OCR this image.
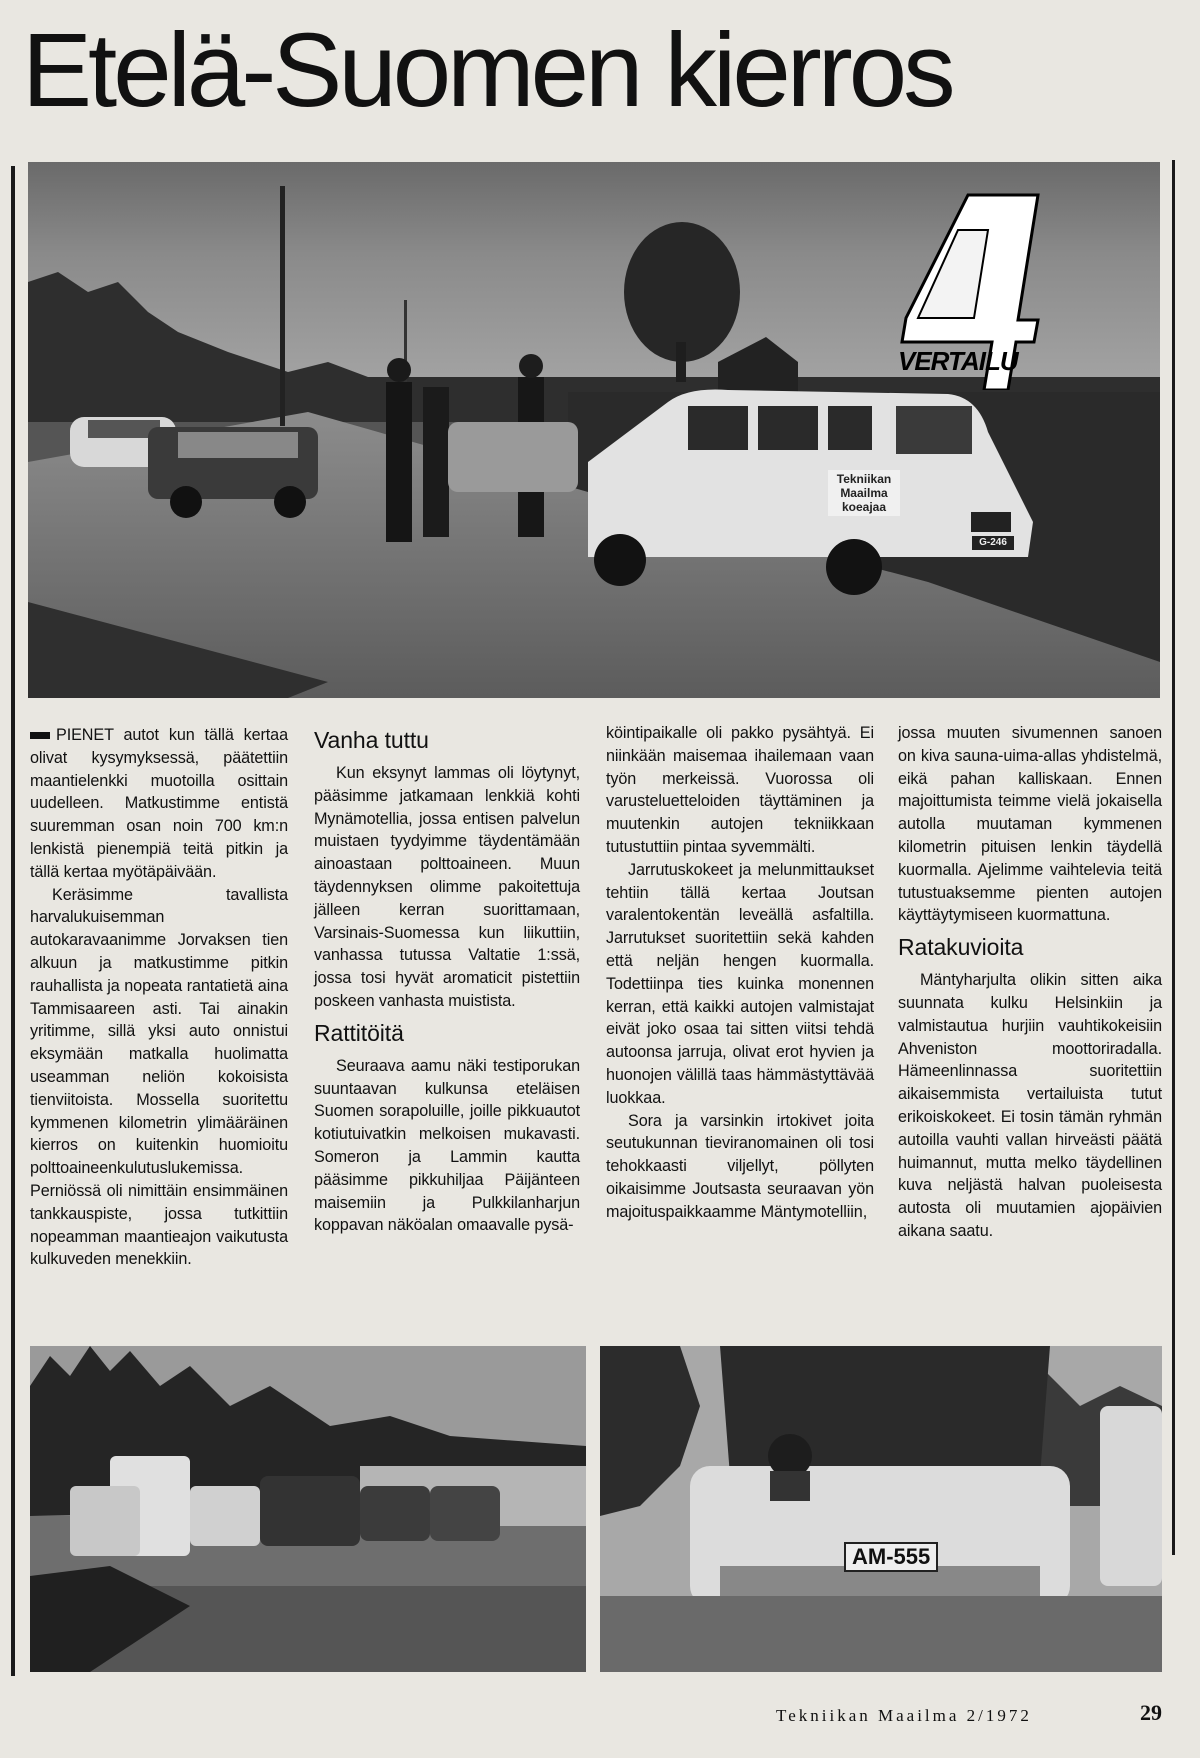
Etelä-Suomen kierros
Tekniikan Maailma koeajaa
G-246
VERTAILU

PIENET autot kun tällä kertaa olivat kysymyksessä, päätettiin maantielenkki muotoilla osittain uudelleen. Matkustimme entistä suuremman osan noin 700 km:n lenkistä pienempiä teitä pitkin ja tällä kertaa myötäpäivään.

Keräsimme tavallista harvalukuisemman autokaravaanimme Jorvaksen tien alkuun ja matkustimme pitkin rauhallista ja nopeata rantatietä aina Tammisaareen asti. Tai ainakin yritimme, sillä yksi auto onnistui eksymään matkalla huolimatta useamman neliön kokoisista tienviitoista. Mossella suoritettu kymmenen kilometrin ylimääräinen kierros on kuitenkin huomioitu polttoaineenkulutuslukemissa. Perniössä oli nimittäin ensimmäinen tankkauspiste, jossa tutkittiin nopeamman maantieajon vaikutusta kulkuveden menekkiin.

Vanha tuttu

Kun eksynyt lammas oli löytynyt, pääsimme jatkamaan lenkkiä kohti Mynämotellia, jossa entisen palvelun muistaen tyydyimme täydentämään ainoastaan polttoaineen. Muun täydennyksen olimme pakoitettuja jälleen kerran suorittamaan, Varsinais-Suomessa kun liikuttiin, vanhassa tutussa Valtatie 1:ssä, jossa tosi hyvät aromaticit pistettiin poskeen vanhasta muistista.

Rattitöitä

Seuraava aamu näki testiporukan suuntaavan kulkunsa eteläisen Suomen sorapoluille, joille pikkuautot kotiutuivatkin melkoisen mukavasti. Someron ja Lammin kautta pääsimme pikkuhiljaa Päijänteen maisemiin ja Pulkkilanharjun koppavan näköalan omaavalle pysä-

köintipaikalle oli pakko pysähtyä. Ei niinkään maisemaa ihailemaan vaan työn merkeissä. Vuorossa oli varusteluetteloiden täyttäminen ja muutenkin autojen tekniikkaan tutustuttiin pintaa syvemmälti.

Jarrutuskokeet ja melunmittaukset tehtiin tällä kertaa Joutsan varalentokentän leveällä asfaltilla. Jarrutukset suoritettiin sekä kahden että neljän hengen kuormalla. Todettiinpa ties kuinka monennen kerran, että kaikki autojen valmistajat eivät joko osaa tai sitten viitsi tehdä autoonsa jarruja, olivat erot hyvien ja huonojen välillä taas hämmästyttävää luokkaa.

Sora ja varsinkin irtokivet joita seutukunnan tieviranomainen oli tosi tehokkaasti viljellyt, pöllyten oikaisimme Joutsasta seuraavan yön majoituspaikkaamme Mäntymotelliin,

jossa muuten sivumennen sanoen on kiva sauna-uima-allas yhdistelmä, eikä pahan kalliskaan. Ennen majoittumista teimme vielä jokaisella autolla muutaman kymmenen kilometrin pituisen lenkin täydellä kuormalla. Ajelimme vaihtelevia teitä tutustuaksemme pienten autojen käyttäytymiseen kuormattuna.

Ratakuvioita

Mäntyharjulta olikin sitten aika suunnata kulku Helsinkiin ja valmistautua hurjiin vauhtikokeisiin Ahveniston moottoriradalla. Hämeenlinnassa suoritettiin aikaisemmista vertailuista tutut erikoiskokeet. Ei tosin tämän ryhmän autoilla vauhti vallan hirveästi päätä huimannut, mutta melko täydellinen kuva neljästä halvan puoleisesta autosta oli muutamien ajopäivien aikana saatu.

AM-555
Tekniikan Maailma 2/1972	29
